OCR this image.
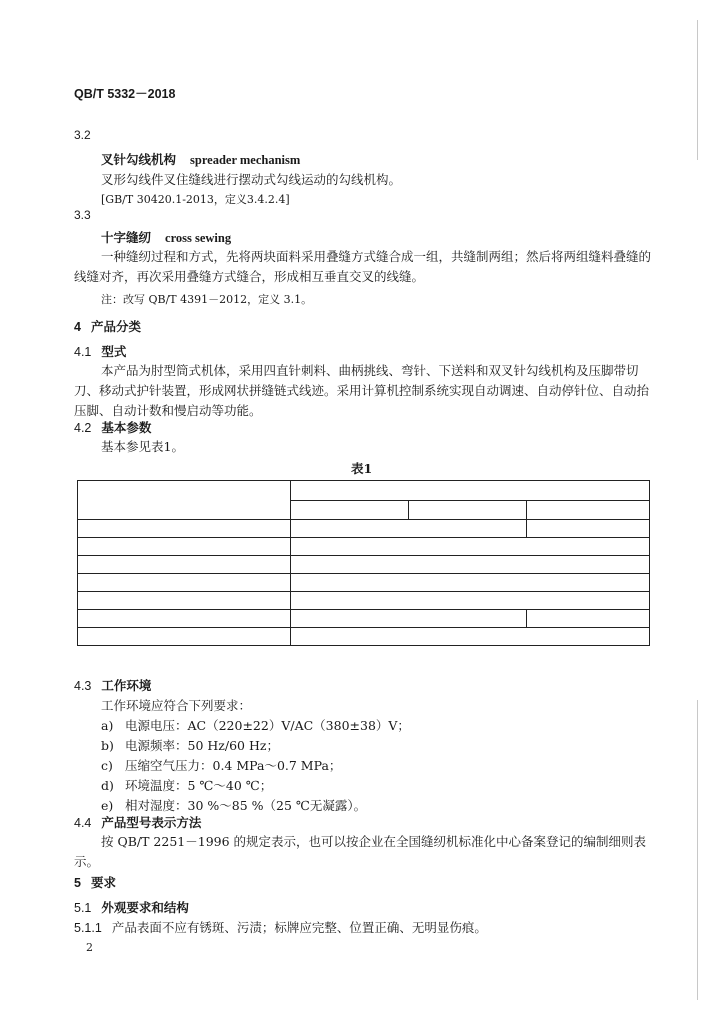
QB/T 5332－2018
3.2
叉针勾线机构 spreader mechanism
叉形勾线件叉住缝线进行摆动式勾线运动的勾线机构。
[GB/T 30420.1-2013，定义3.4.2.4]
3.3
十字缝纫 cross sewing
一种缝纫过程和方式，先将两块面料采用叠缝方式缝合成一组，共缝制两组；然后将两组缝料叠缝的线缝对齐，再次采用叠缝方式缝合，形成相互垂直交叉的线缝。
注：改写 QB/T 4391－2012，定义 3.1。
4 产品分类
4.1 型式
本产品为肘型筒式机体，采用四直针刺料、曲柄挑线、弯针、下送料和双叉针勾线机构及压脚带切刀、移动式护针装置，形成网状拼缝链式线迹。采用计算机控制系统实现自动调速、自动停针位、自动抬压脚、自动计数和慢启动等功能。
4.2 基本参数
基本参见表1。
表1

4.3 工作环境
工作环境应符合下列要求：
a) 电源电压：AC（220±22）V/AC（380±38）V；
b) 电源频率：50 Hz/60 Hz；
c) 压缩空气压力：0.4 MPa～0.7 MPa；
d) 环境温度：5 ℃～40 ℃；
e) 相对湿度：30 %～85 %（25 ℃无凝露）。
4.4 产品型号表示方法
按 QB/T 2251－1996 的规定表示，也可以按企业在全国缝纫机标准化中心备案登记的编制细则表示。
5 要求
5.1 外观要求和结构
5.1.1 产品表面不应有锈斑、污渍；标牌应完整、位置正确、无明显伤痕。
2
